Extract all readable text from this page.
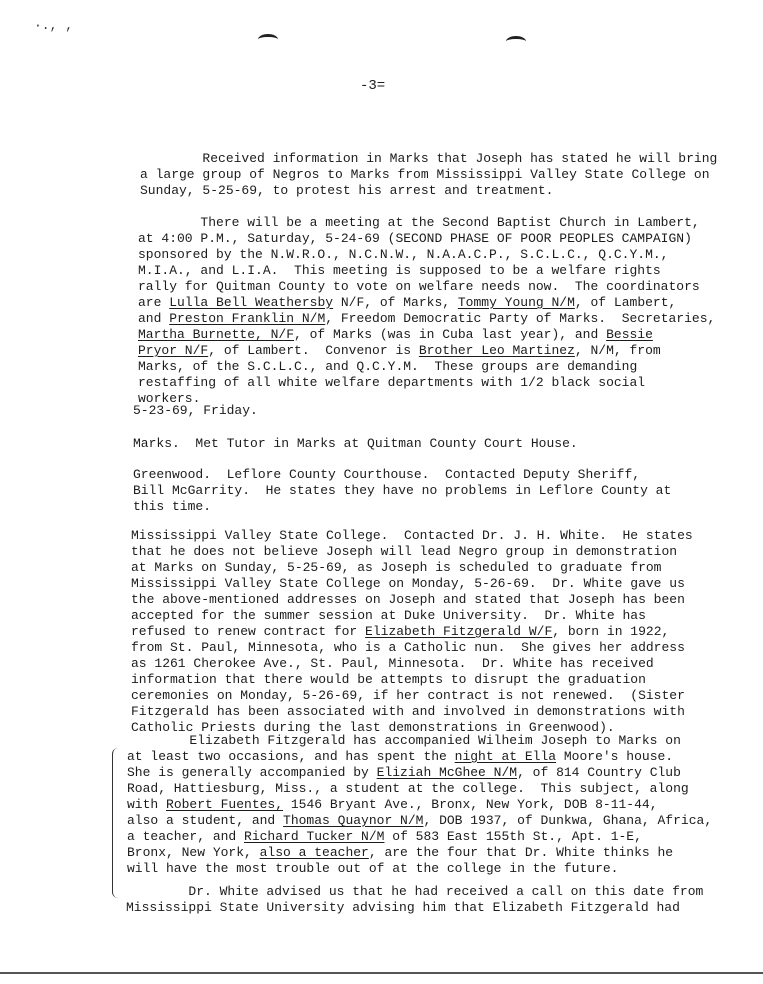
·., ,
-3=
Received information in Marks that Joseph has stated he will bring
a large group of Negros to Marks from Mississippi Valley State College on
Sunday, 5-25-69, to protest his arrest and treatment.
There will be a meeting at the Second Baptist Church in Lambert,
at 4:00 P.M., Saturday, 5-24-69 (SECOND PHASE OF POOR PEOPLES CAMPAIGN)
sponsored by the N.W.R.O., N.C.N.W., N.A.A.C.P., S.C.L.C., Q.C.Y.M.,
M.I.A., and L.I.A.  This meeting is supposed to be a welfare rights
rally for Quitman County to vote on welfare needs now.  The coordinators
are Lulla Bell Weathersby N/F, of Marks, Tommy Young N/M, of Lambert,
and Preston Franklin N/M, Freedom Democratic Party of Marks.  Secretaries,
Martha Burnette, N/F, of Marks (was in Cuba last year), and Bessie
Pryor N/F, of Lambert.  Convenor is Brother Leo Martinez, N/M, from
Marks, of the S.C.L.C., and Q.C.Y.M.  These groups are demanding
restaffing of all white welfare departments with 1/2 black social
workers.
5-23-69, Friday.
Marks.  Met Tutor in Marks at Quitman County Court House.
Greenwood.  Leflore County Courthouse.  Contacted Deputy Sheriff,
Bill McGarrity.  He states they have no problems in Leflore County at
this time.
Mississippi Valley State College.  Contacted Dr. J. H. White.  He states
that he does not believe Joseph will lead Negro group in demonstration
at Marks on Sunday, 5-25-69, as Joseph is scheduled to graduate from
Mississippi Valley State College on Monday, 5-26-69.  Dr. White gave us
the above-mentioned addresses on Joseph and stated that Joseph has been
accepted for the summer session at Duke University.  Dr. White has
refused to renew contract for Elizabeth Fitzgerald W/F, born in 1922,
from St. Paul, Minnesota, who is a Catholic nun.  She gives her address
as 1261 Cherokee Ave., St. Paul, Minnesota.  Dr. White has received
information that there would be attempts to disrupt the graduation
ceremonies on Monday, 5-26-69, if her contract is not renewed.  (Sister
Fitzgerald has been associated with and involved in demonstrations with
Catholic Priests during the last demonstrations in Greenwood).
Elizabeth Fitzgerald has accompanied Wilheim Joseph to Marks on
at least two occasions, and has spent the night at Ella Moore's house.
She is generally accompanied by Eliziah McGhee N/M, of 814 Country Club
Road, Hattiesburg, Miss., a student at the college.  This subject, along
with Robert Fuentes, 1546 Bryant Ave., Bronx, New York, DOB 8-11-44,
also a student, and Thomas Quaynor N/M, DOB 1937, of Dunkwa, Ghana, Africa,
a teacher, and Richard Tucker N/M of 583 East 155th St., Apt. 1-E,
Bronx, New York, also a teacher, are the four that Dr. White thinks he
will have the most trouble out of at the college in the future.
Dr. White advised us that he had received a call on this date from
Mississippi State University advising him that Elizabeth Fitzgerald had
